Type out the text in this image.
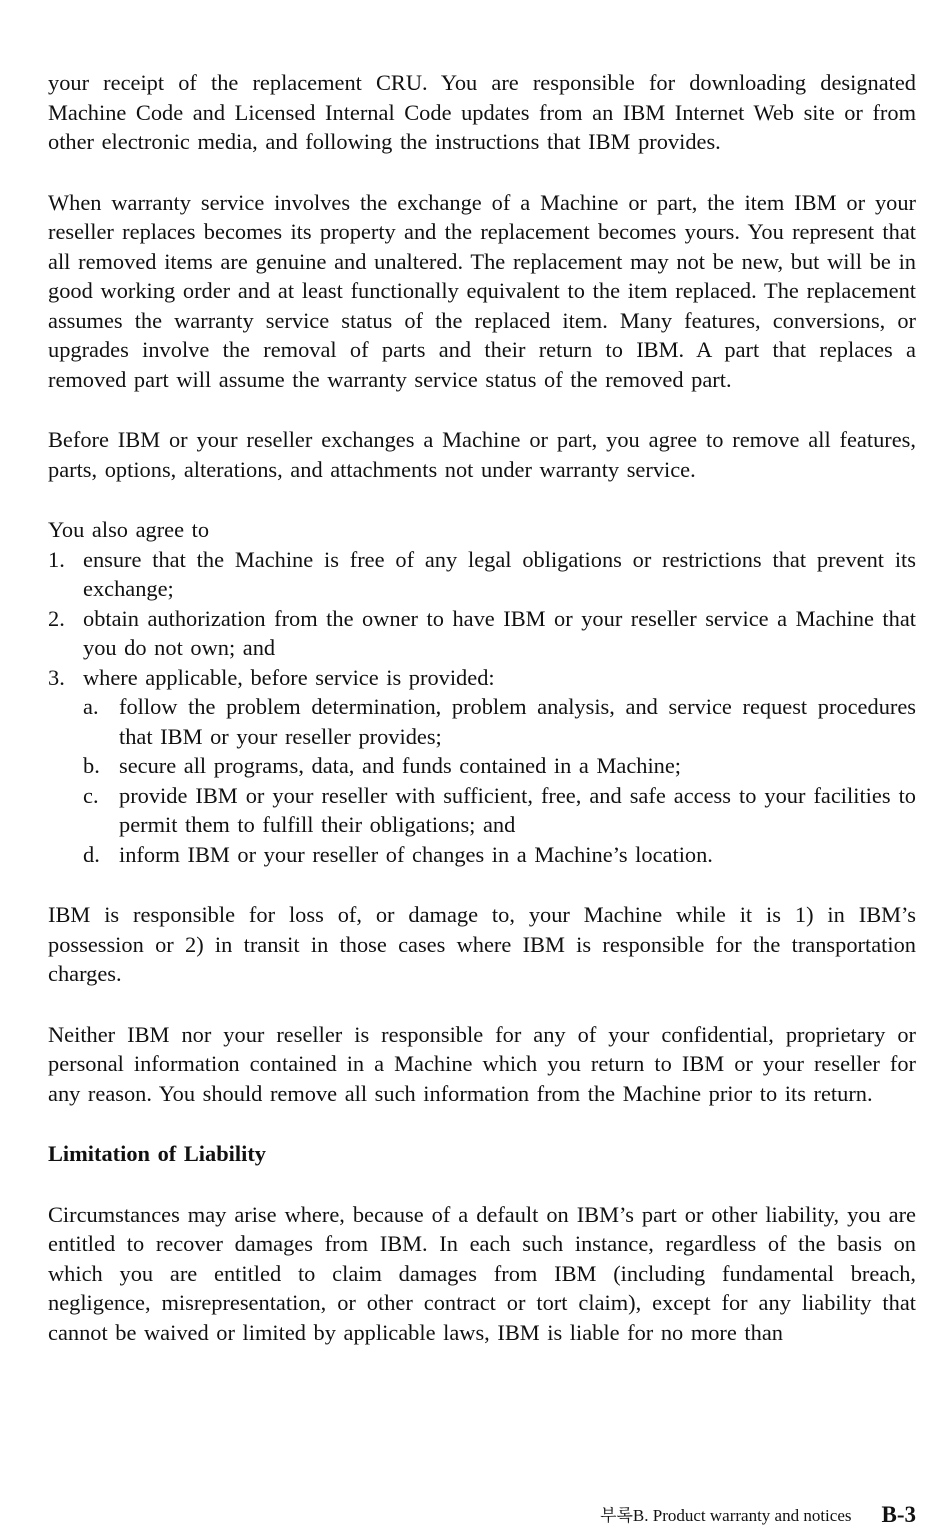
your receipt of the replacement CRU. You are responsible for downloading designated Machine Code and Licensed Internal Code updates from an IBM Internet Web site or from other electronic media, and following the instructions that IBM provides.

When warranty service involves the exchange of a Machine or part, the item IBM or your reseller replaces becomes its property and the replacement becomes yours. You represent that all removed items are genuine and unaltered. The replacement may not be new, but will be in good working order and at least functionally equivalent to the item replaced. The replacement assumes the warranty service status of the replaced item. Many features, conversions, or upgrades involve the removal of parts and their return to IBM. A part that replaces a removed part will assume the warranty service status of the removed part.

Before IBM or your reseller exchanges a Machine or part, you agree to remove all features, parts, options, alterations, and attachments not under warranty service.

You also agree to

1. ensure that the Machine is free of any legal obligations or restrictions that prevent its exchange;
2. obtain authorization from the owner to have IBM or your reseller service a Machine that you do not own; and
3. where applicable, before service is provided:
a. follow the problem determination, problem analysis, and service request procedures that IBM or your reseller provides;
b. secure all programs, data, and funds contained in a Machine;
c. provide IBM or your reseller with sufficient, free, and safe access to your facilities to permit them to fulfill their obligations; and
d. inform IBM or your reseller of changes in a Machine’s location.

IBM is responsible for loss of, or damage to, your Machine while it is 1) in IBM’s possession or 2) in transit in those cases where IBM is responsible for the transportation charges.

Neither IBM nor your reseller is responsible for any of your confidential, proprietary or personal information contained in a Machine which you return to IBM or your reseller for any reason. You should remove all such information from the Machine prior to its return.

Limitation of Liability

Circumstances may arise where, because of a default on IBM’s part or other liability, you are entitled to recover damages from IBM. In each such instance, regardless of the basis on which you are entitled to claim damages from IBM (including fundamental breach, negligence, misrepresentation, or other contract or tort claim), except for any liability that cannot be waived or limited by applicable laws, IBM is liable for no more than

부록B. Product warranty and notices B-3
